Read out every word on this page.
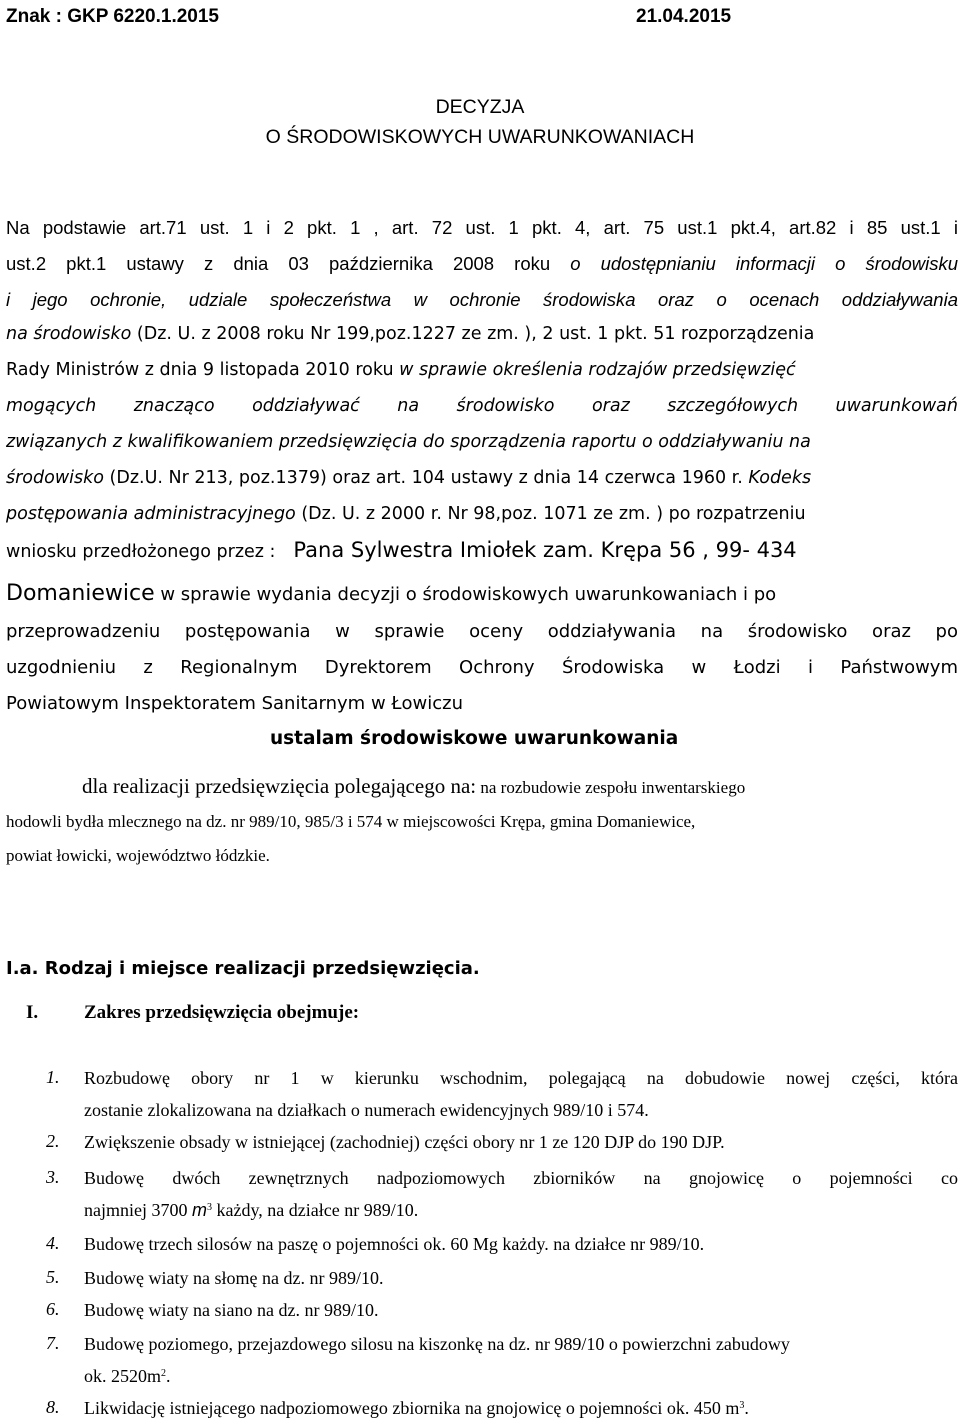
Znak : GKP 6220.1.2015	21.04.2015
DECYZJA
O ŚRODOWISKOWYCH UWARUNKOWANIACH
Na podstawie art.71 ust. 1 i 2 pkt. 1 , art. 72 ust. 1 pkt. 4, art. 75 ust.1 pkt.4, art.82 i 85 ust.1 i
ust.2 pkt.1 ustawy z dnia 03 października 2008 roku o udostępnianiu informacji o środowisku
i jego ochronie, udziale społeczeństwa w ochronie środowiska oraz o ocenach oddziaływania
na środowisko (Dz. U. z 2008 roku Nr 199,poz.1227 ze zm. ), 2 ust. 1 pkt. 51 rozporządzenia
Rady Ministrów z dnia 9 listopada 2010 roku w sprawie określenia rodzajów przedsięwzięć
mogących znacząco oddziaływać na środowisko oraz szczegółowych uwarunkowań
związanych z kwalifikowaniem przedsięwzięcia do sporządzenia raportu o oddziaływaniu na
środowisko (Dz.U. Nr 213, poz.1379) oraz art. 104 ustawy z dnia 14 czerwca 1960 r. Kodeks
postępowania administracyjnego (Dz. U. z 2000 r. Nr 98,poz. 1071 ze zm. ) po rozpatrzeniu
wniosku przedłożonego przez : Pana Sylwestra Imiołek zam. Krępa 56 , 99- 434
Domaniewice w sprawie wydania decyzji o środowiskowych uwarunkowaniach i po
przeprowadzeniu postępowania w sprawie oceny oddziaływania na środowisko oraz po
uzgodnieniu z Regionalnym Dyrektorem Ochrony Środowiska w Łodzi i Państwowym
Powiatowym Inspektoratem Sanitarnym w Łowiczu
ustalam środowiskowe uwarunkowania
dla realizacji przedsięwzięcia polegającego na: na rozbudowie zespołu inwentarskiego
hodowli bydła mlecznego na dz. nr 989/10, 985/3 i 574 w miejscowości Krępa, gmina Domaniewice,
powiat łowicki, województwo łódzkie.
I.a. Rodzaj i miejsce realizacji przedsięwzięcia.
I. Zakres przedsięwzięcia obejmuje:
1.	Rozbudowę obory nr 1 w kierunku wschodnim, polegającą na dobudowie nowej części, która
zostanie zlokalizowana na działkach o numerach ewidencyjnych 989/10 i 574.
2.	Zwiększenie obsady w istniejącej (zachodniej) części obory nr 1 ze 120 DJP do 190 DJP.
3.	Budowę dwóch zewnętrznych nadpoziomowych zbiorników na gnojowicę o pojemności co
najmniej 3700 $m^3$ każdy, na działce nr 989/10.
4.	Budowę trzech silosów na paszę o pojemności ok. 60 Mg każdy. na działce nr 989/10.
5.	Budowę wiaty na słomę na dz. nr 989/10.
6.	Budowę wiaty na siano na dz. nr 989/10.
7.	Budowę poziomego, przejazdowego silosu na kiszonkę na dz. nr 989/10 o powierzchni zabudowy
ok. $2520m^2$.
8.	Likwidację istniejącego nadpoziomowego zbiornika na gnojowicę o pojemności ok. 450 $m^3$.
